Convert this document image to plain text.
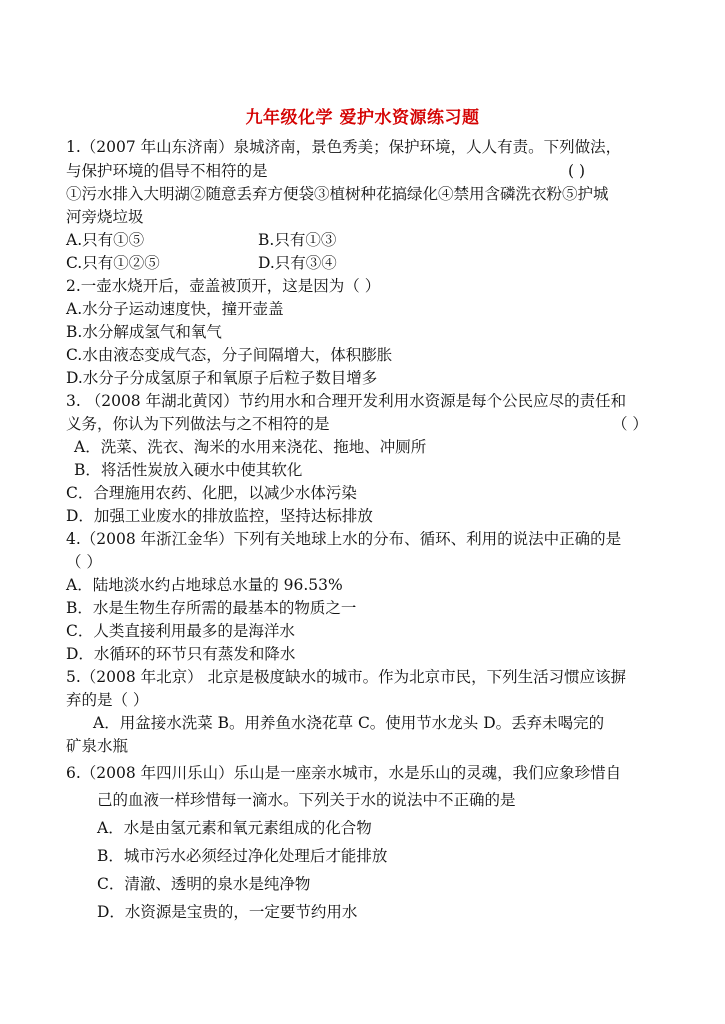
九年级化学 爱护水资源练习题
1.（2007 年山东济南）泉城济南，景色秀美；保护环境，人人有责。下列做法，
与保护环境的倡导不相符的是	( )
①污水排入大明湖②随意丢弃方便袋③植树种花搞绿化④禁用含磷洗衣粉⑤护城
河旁烧垃圾
A.只有①⑤	B.只有①③
C.只有①②⑤	D.只有③④
2.一壶水烧开后，壶盖被顶开，这是因为（ ）
A.水分子运动速度快，撞开壶盖
B.水分解成氢气和氧气
C.水由液态变成气态，分子间隔增大，体积膨胀
D.水分子分成氢原子和氧原子后粒子数目增多
3. （2008 年湖北黄冈）节约用水和合理开发利用水资源是每个公民应尽的责任和
义务，你认为下列做法与之不相符的是	（ ）
A．洗菜、洗衣、淘米的水用来浇花、拖地、冲厕所
B．将活性炭放入硬水中使其软化
C．合理施用农药、化肥，以减少水体污染
D．加强工业废水的排放监控，坚持达标排放
4.（2008 年浙江金华）下列有关地球上水的分布、循环、利用的说法中正确的是
（ ）
A．陆地淡水约占地球总水量的 96.53%
B．水是生物生存所需的最基本的物质之一
C．人类直接利用最多的是海洋水
D．水循环的环节只有蒸发和降水
5.（2008 年北京） 北京是极度缺水的城市。作为北京市民，下列生活习惯应该摒
弃的是（ ）
A．用盆接水洗菜 B。用养鱼水浇花草 C。使用节水龙头 D。丢弃未喝完的
矿泉水瓶
6.（2008 年四川乐山）乐山是一座亲水城市，水是乐山的灵魂，我们应象珍惜自
己的血液一样珍惜每一滴水。下列关于水的说法中不正确的是
A．水是由氢元素和氧元素组成的化合物
B．城市污水必须经过净化处理后才能排放
C．清澈、透明的泉水是纯净物
D．水资源是宝贵的，一定要节约用水
